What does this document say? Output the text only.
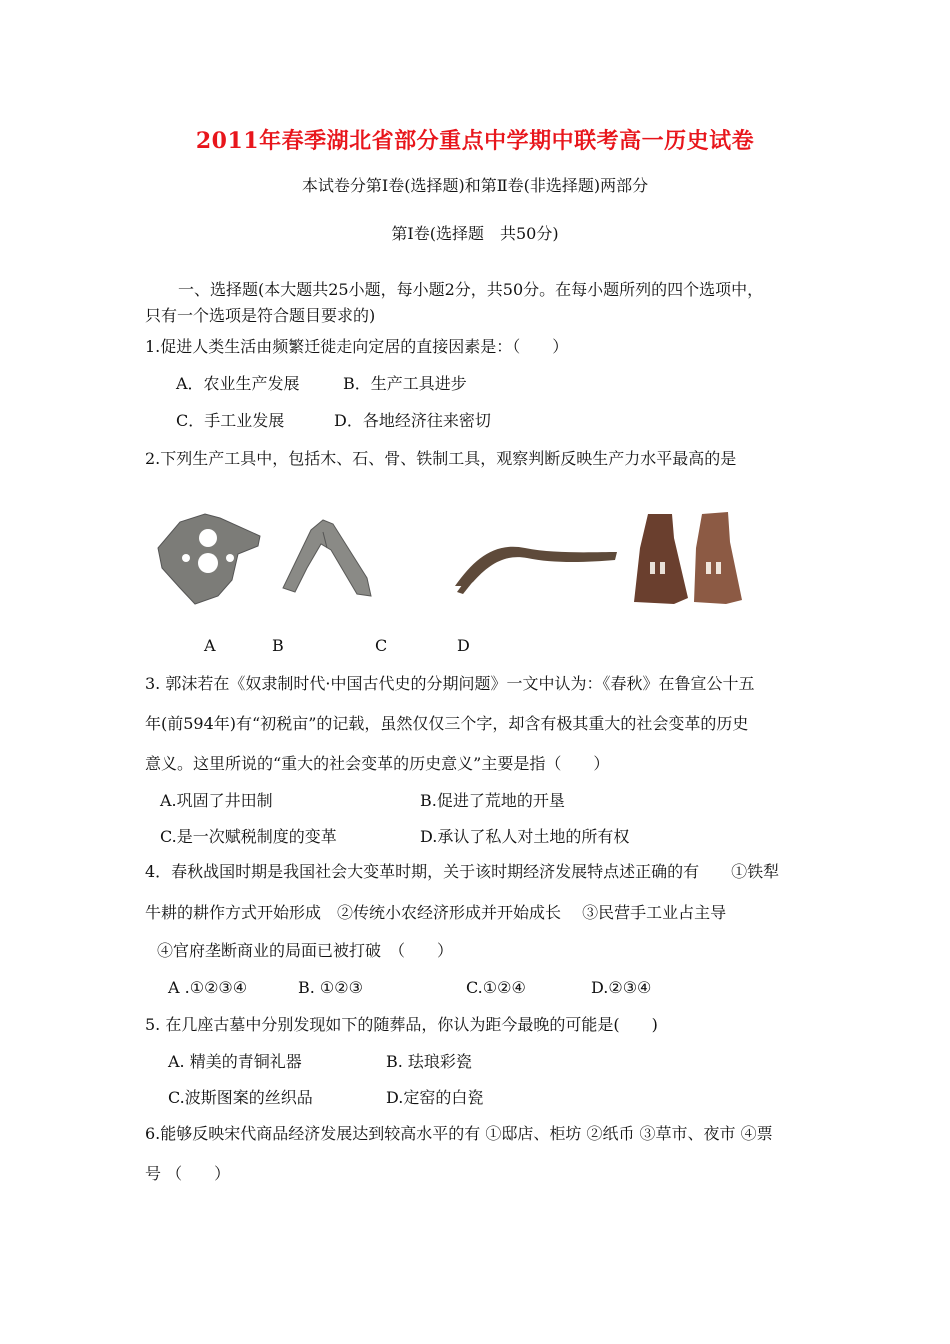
2011年春季湖北省部分重点中学期中联考高一历史试卷
本试卷分第Ⅰ卷(选择题)和第Ⅱ卷(非选择题)两部分
第Ⅰ卷(选择题　共50分)
一、选择题(本大题共25小题，每小题2分，共50分。在每小题所列的四个选项中，
只有一个选项是符合题目要求的)
1.促进人类生活由频繁迁徙走向定居的直接因素是：（　　）
A．农业生产发展	B．生产工具进步
C．手工业发展	D．各地经济往来密切
2.下列生产工具中，包括木、石、骨、铁制工具，观察判断反映生产力水平最高的是
A	B	C	D
3. 郭沫若在《奴隶制时代·中国古代史的分期问题》一文中认为：《春秋》在鲁宣公十五
年(前594年)有“初税亩”的记载，虽然仅仅三个字，却含有极其重大的社会变革的历史
意义。这里所说的“重大的社会变革的历史意义”主要是指（　　）
A.巩固了井田制	B.促进了荒地的开垦
C.是一次赋税制度的变革	D.承认了私人对土地的所有权
4．春秋战国时期是我国社会大变革时期，关于该时期经济发展特点述正确的有　　①铁犁
牛耕的耕作方式开始形成　②传统小农经济形成并开始成长　 ③民营手工业占主导
④官府垄断商业的局面已被打破　（　　）
A .①②③④	B. ①②③	C.①②④	D.②③④
5. 在几座古墓中分别发现如下的随葬品，你认为距今最晚的可能是(　　)
A. 精美的青铜礼器	B. 珐琅彩瓷
C.波斯图案的丝织品	D.定窑的白瓷
6.能够反映宋代商品经济发展达到较高水平的有 ①邸店、柜坊 ②纸币 ③草市、夜市 ④票
号 （　　）
